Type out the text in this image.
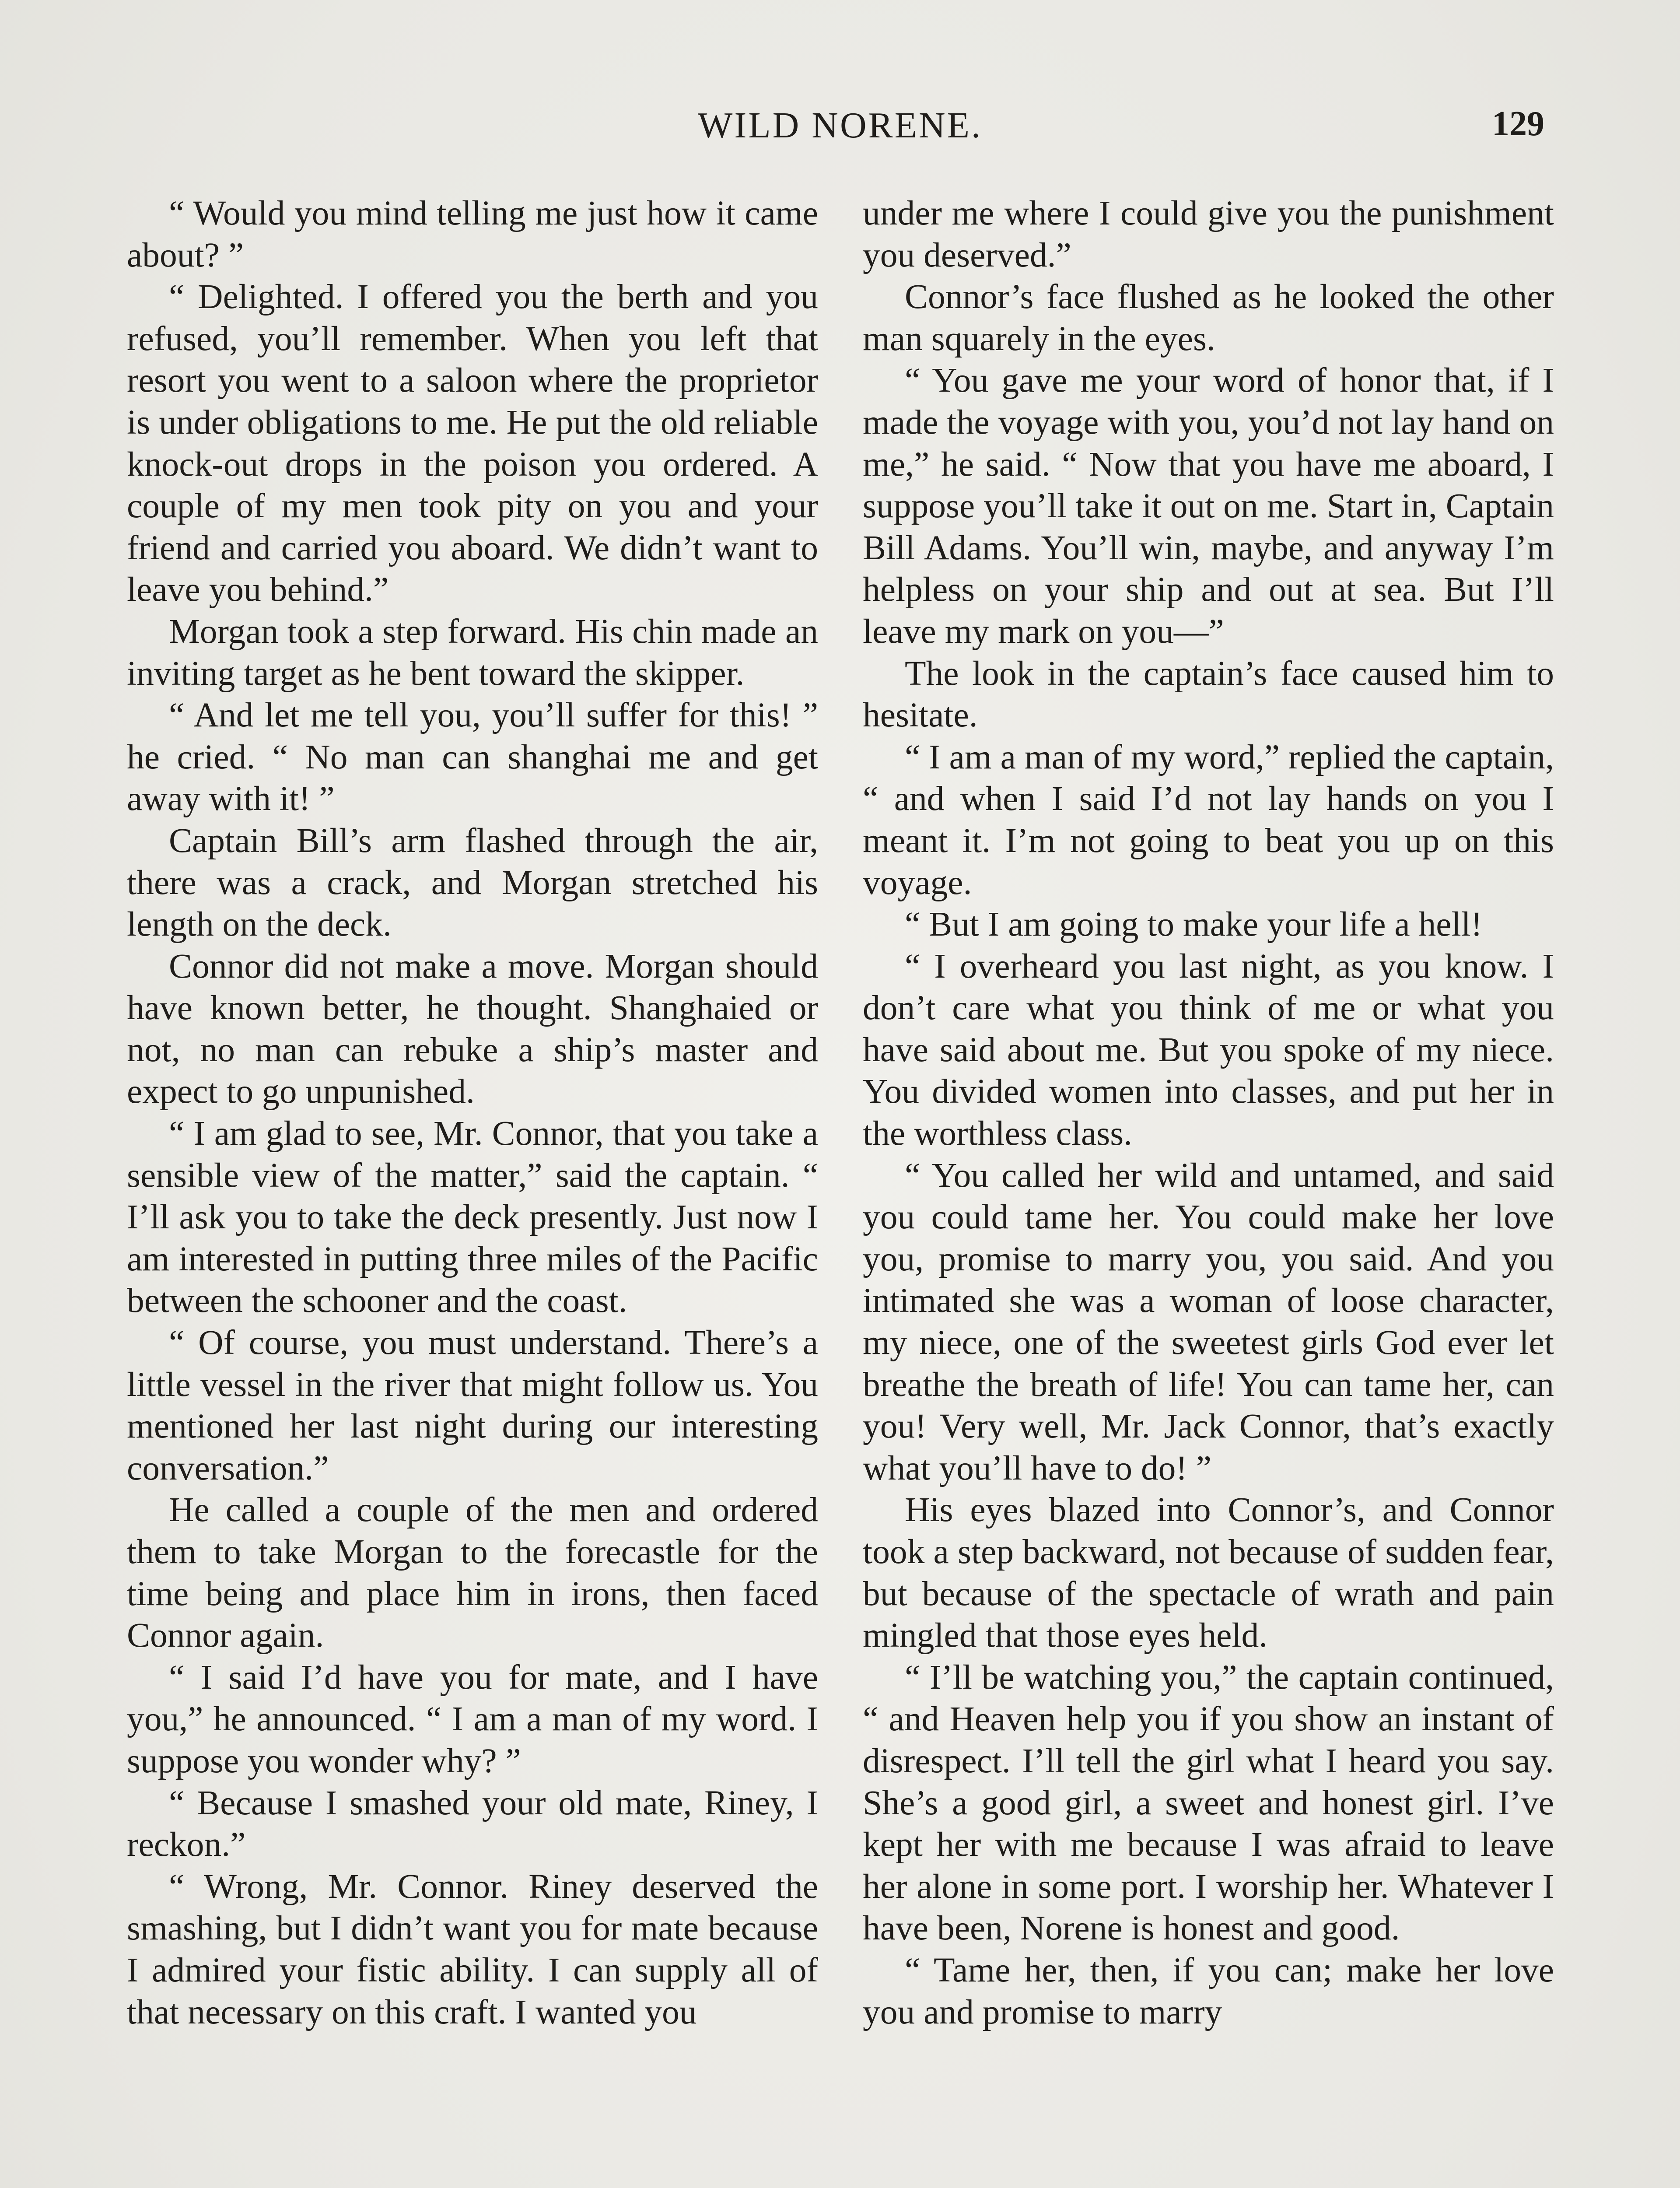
WILD NORENE.	129

“ Would you mind telling me just how it came about? ”

“ Delighted. I offered you the berth and you refused, you’ll remember. When you left that resort you went to a saloon where the proprietor is under obligations to me. He put the old reliable knock-out drops in the poison you ordered. A couple of my men took pity on you and your friend and carried you aboard. We didn’t want to leave you behind.”

Morgan took a step forward. His chin made an inviting target as he bent toward the skipper.

“ And let me tell you, you’ll suffer for this! ” he cried. “ No man can shanghai me and get away with it! ”

Captain Bill’s arm flashed through the air, there was a crack, and Morgan stretched his length on the deck.

Connor did not make a move. Morgan should have known better, he thought. Shanghaied or not, no man can rebuke a ship’s master and expect to go unpunished.

“ I am glad to see, Mr. Connor, that you take a sensible view of the matter,” said the captain. “ I’ll ask you to take the deck presently. Just now I am interested in putting three miles of the Pacific between the schooner and the coast.

“ Of course, you must understand. There’s a little vessel in the river that might follow us. You mentioned her last night during our interesting conversation.”

He called a couple of the men and ordered them to take Morgan to the forecastle for the time being and place him in irons, then faced Connor again.

“ I said I’d have you for mate, and I have you,” he announced. “ I am a man of my word. I suppose you wonder why? ”

“ Because I smashed your old mate, Riney, I reckon.”

“ Wrong, Mr. Connor. Riney deserved the smashing, but I didn’t want you for mate because I admired your fistic ability. I can supply all of that necessary on this craft. I wanted you

under me where I could give you the punishment you deserved.”

Connor’s face flushed as he looked the other man squarely in the eyes.

“ You gave me your word of honor that, if I made the voyage with you, you’d not lay hand on me,” he said. “ Now that you have me aboard, I suppose you’ll take it out on me. Start in, Captain Bill Adams. You’ll win, maybe, and anyway I’m helpless on your ship and out at sea. But I’ll leave my mark on you—”

The look in the captain’s face caused him to hesitate.

“ I am a man of my word,” replied the captain, “ and when I said I’d not lay hands on you I meant it. I’m not going to beat you up on this voyage.

“ But I am going to make your life a hell!

“ I overheard you last night, as you know. I don’t care what you think of me or what you have said about me. But you spoke of my niece. You divided women into classes, and put her in the worthless class.

“ You called her wild and untamed, and said you could tame her. You could make her love you, promise to marry you, you said. And you intimated she was a woman of loose character, my niece, one of the sweetest girls God ever let breathe the breath of life! You can tame her, can you! Very well, Mr. Jack Connor, that’s exactly what you’ll have to do! ”

His eyes blazed into Connor’s, and Connor took a step backward, not because of sudden fear, but because of the spectacle of wrath and pain mingled that those eyes held.

“ I’ll be watching you,” the captain continued, “ and Heaven help you if you show an instant of disrespect. I’ll tell the girl what I heard you say. She’s a good girl, a sweet and honest girl. I’ve kept her with me because I was afraid to leave her alone in some port. I worship her. Whatever I have been, Norene is honest and good.

“ Tame her, then, if you can; make her love you and promise to marry
